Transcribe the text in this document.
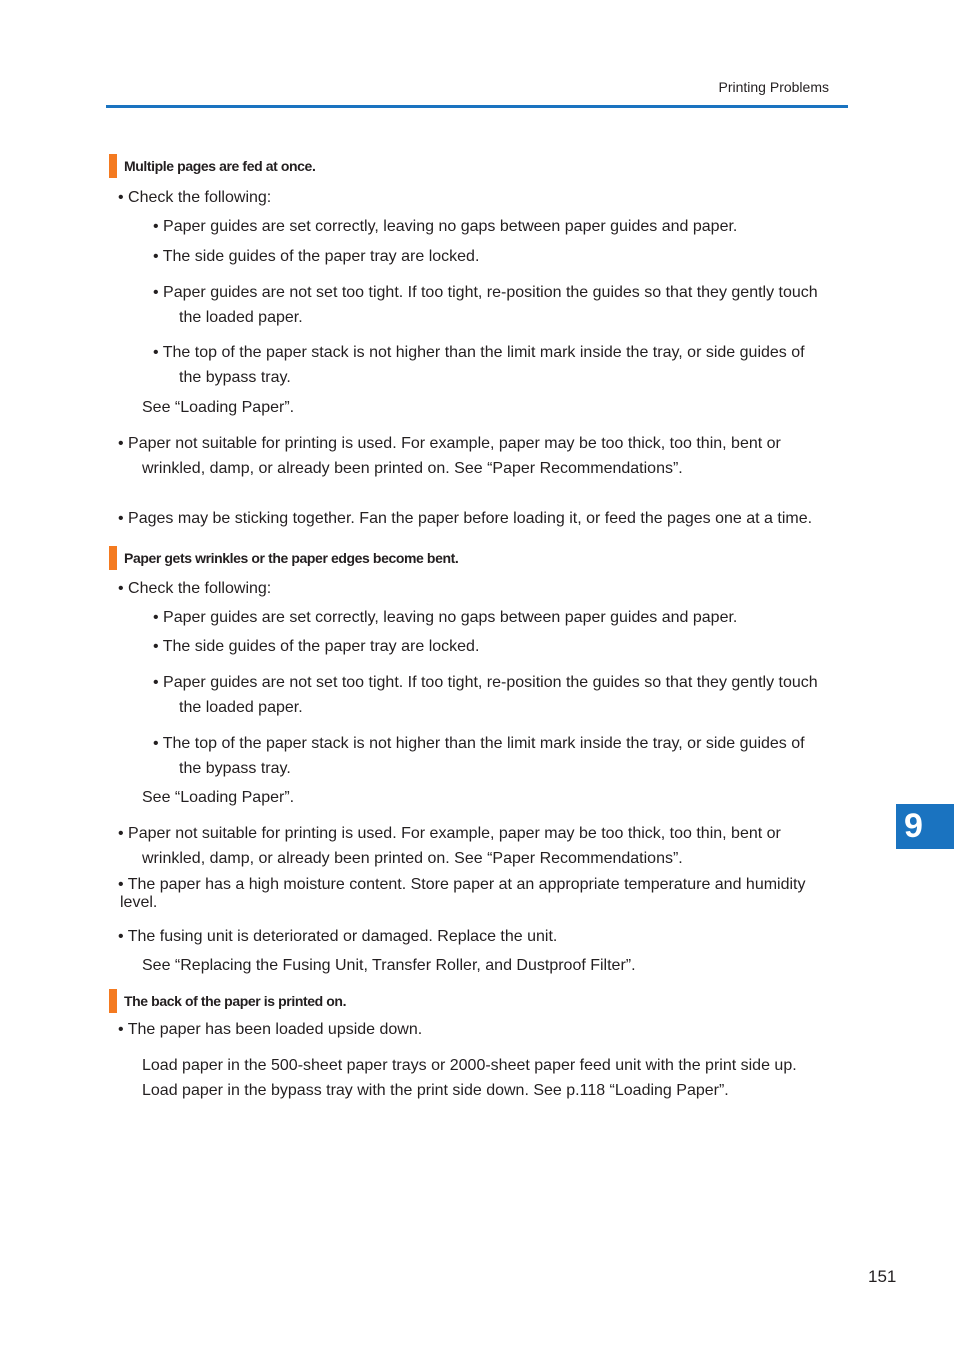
Printing Problems
Multiple pages are fed at once.
• Check the following:
• Paper guides are set correctly, leaving no gaps between paper guides and paper.
• The side guides of the paper tray are locked.
• Paper guides are not set too tight. If too tight, re-position the guides so that they gently touch
the loaded paper.
• The top of the paper stack is not higher than the limit mark inside the tray, or side guides of
the bypass tray.
See “Loading Paper”.
• Paper not suitable for printing is used. For example, paper may be too thick, too thin, bent or
wrinkled, damp, or already been printed on. See “Paper Recommendations”.
• Pages may be sticking together. Fan the paper before loading it, or feed the pages one at a time.
Paper gets wrinkles or the paper edges become bent.
• Check the following:
• Paper guides are set correctly, leaving no gaps between paper guides and paper.
• The side guides of the paper tray are locked.
• Paper guides are not set too tight. If too tight, re-position the guides so that they gently touch
the loaded paper.
• The top of the paper stack is not higher than the limit mark inside the tray, or side guides of
the bypass tray.
See “Loading Paper”.
• Paper not suitable for printing is used. For example, paper may be too thick, too thin, bent or
wrinkled, damp, or already been printed on. See “Paper Recommendations”.
• The paper has a high moisture content. Store paper at an appropriate temperature and humidity
level.
• The fusing unit is deteriorated or damaged. Replace the unit.
See “Replacing the Fusing Unit, Transfer Roller, and Dustproof Filter”.
The back of the paper is printed on.
• The paper has been loaded upside down.
Load paper in the 500-sheet paper trays or 2000-sheet paper feed unit with the print side up.
Load paper in the bypass tray with the print side down. See p.118 “Loading Paper”.
9
151
